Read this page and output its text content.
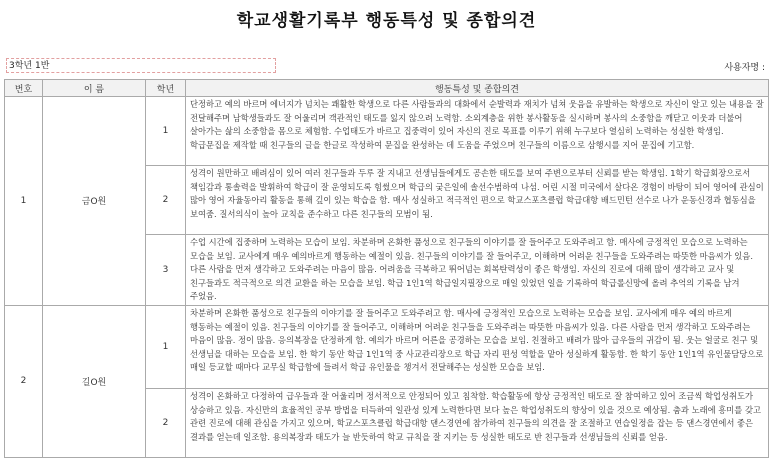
학교생활기록부 행동특성 및 종합의견
3학년 1반	사용자명 :
번호	이 름	학년	행동특성 및 종합의견
1	금O원	1	단정하고 예의 바르며 에너지가 넘치는 쾌활한 학생으로 다른 사람들과의 대화에서 순발력과 재치가 넘쳐 웃음을 유발하는 학생으로 자신이 알고 있는 내용을 잘 전달해주며 남학생들과도 잘 어울리며 객관적인 태도를 잃지 않으려 노력함. 소외계층을 위한 봉사활동을 실시하며 봉사의 소중함을 깨닫고 이웃과 더불어 살아가는 삶의 소중함을 몸으로 체험함. 수업태도가 바르고 집중력이 있어 자신의 진로 목표를 이루기 위해 누구보다 열심히 노력하는 성실한 학생임. 학급문집을 제작할 때 친구들의 글을 한글로 작성하여 문집을 완성하는 데 도움을 주었으며 친구들의 이름으로 삼행시를 지어 문집에 기고함.
		2	성격이 원만하고 배려심이 있어 여러 친구들과 두루 잘 지내고 선생님들에게도 공손한 태도를 보여 주변으로부터 신뢰를 받는 학생임. 1학기 학급회장으로서 책임감과 통솔력을 발휘하여 학급이 잘 운영되도록 힘썼으며 학급의 궂은일에 솔선수범하여 나섬. 어린 시절 미국에서 살다온 경험이 바탕이 되어 영어에 관심이 많아 영어 자율동아리 활동을 통해 깊이 있는 학습을 함. 매사 성실하고 적극적인 편으로 학교스포츠클럽 학급대항 배드민턴 선수로 나가 운동신경과 협동심을 보여줌. 질서의식이 높아 교칙을 준수하고 다른 친구들의 모범이 됨.
		3	수업 시간에 집중하며 노력하는 모습이 보임. 차분하며 온화한 품성으로 친구들의 이야기를 잘 들어주고 도와주려고 함. 매사에 긍정적인 모습으로 노력하는 모습을 보임. 교사에게 매우 예의바르게 행동하는 예절이 있음. 친구들의 이야기를 잘 들어주고, 이해하며 어려운 친구들을 도와주려는 따뜻한 마음씨가 있음. 다른 사람을 먼저 생각하고 도와주려는 마음이 많음. 어려움을 극복하고 뛰어넘는 회복탄력성이 좋은 학생임. 자신의 진로에 대해 많이 생각하고 교사 및 친구들과도 적극적으로 의견 교환을 하는 모습을 보임. 학급 1인1역 학급일지필장으로 매일 있었던 일을 기록하여 학급롤신망에 올려 추억의 기록을 남겨 주었음.
2	길O원	1	차분하며 온화한 품성으로 친구들의 이야기를 잘 들어주고 도와주려고 함. 매사에 긍정적인 모습으로 노력하는 모습을 보임. 교사에게 매우 예의 바르게 행동하는 예절이 있음. 친구들의 이야기를 잘 들어주고, 이해하며 어려운 친구들을 도와주려는 따뜻한 마음씨가 있음. 다른 사람을 먼저 생각하고 도와주려는 마음이 많음. 정이 많음. 응의복장을 단정하게 함. 예의가 바르며 어른을 공경하는 모습을 보임. 친절하고 배려가 많아 급우들의 귀감이 됨. 웃는 얼굴로 친구 및 선생님을 대하는 모습을 보임. 한 학기 동안 학급 1인1역 중 사교관리장으로 학급 자리 편성 역할을 맡아 성실하게 활동함. 한 학기 동안 1인1역 유인물담당으로 매일 등교할 때마다 교무실 학급함에 들려서 학급 유인물을 챙겨서 전달해주는 성실한 모습을 보임.
		2	성격이 온화하고 다정하여 급우들과 잘 어울리며 정서적으로 안정되어 있고 침착함. 학습활동에 항상 긍정적인 태도로 잘 참여하고 있어 조금씩 학업성취도가 상승하고 있음. 자신만의 효율적인 공부 방법을 터득하여 일관성 있게 노력한다면 보다 높은 학업성취도의 향상이 있을 것으로 예상됨. 춤과 노래에 흥미를 갖고 관련 진로에 대해 관심을 가지고 있으며, 학교스포츠클럽 학급대항 댄스경연에 참가하여 친구들의 의견을 잘 조절하고 연습일정을 잡는 등 댄스경연에서 좋은 결과를 얻는데 일조함. 용의복장과 태도가 늘 반듯하여 학교 규칙을 잘 지키는 등 성실한 태도로 반 친구들과 선생님들의 신뢰를 얻음.
